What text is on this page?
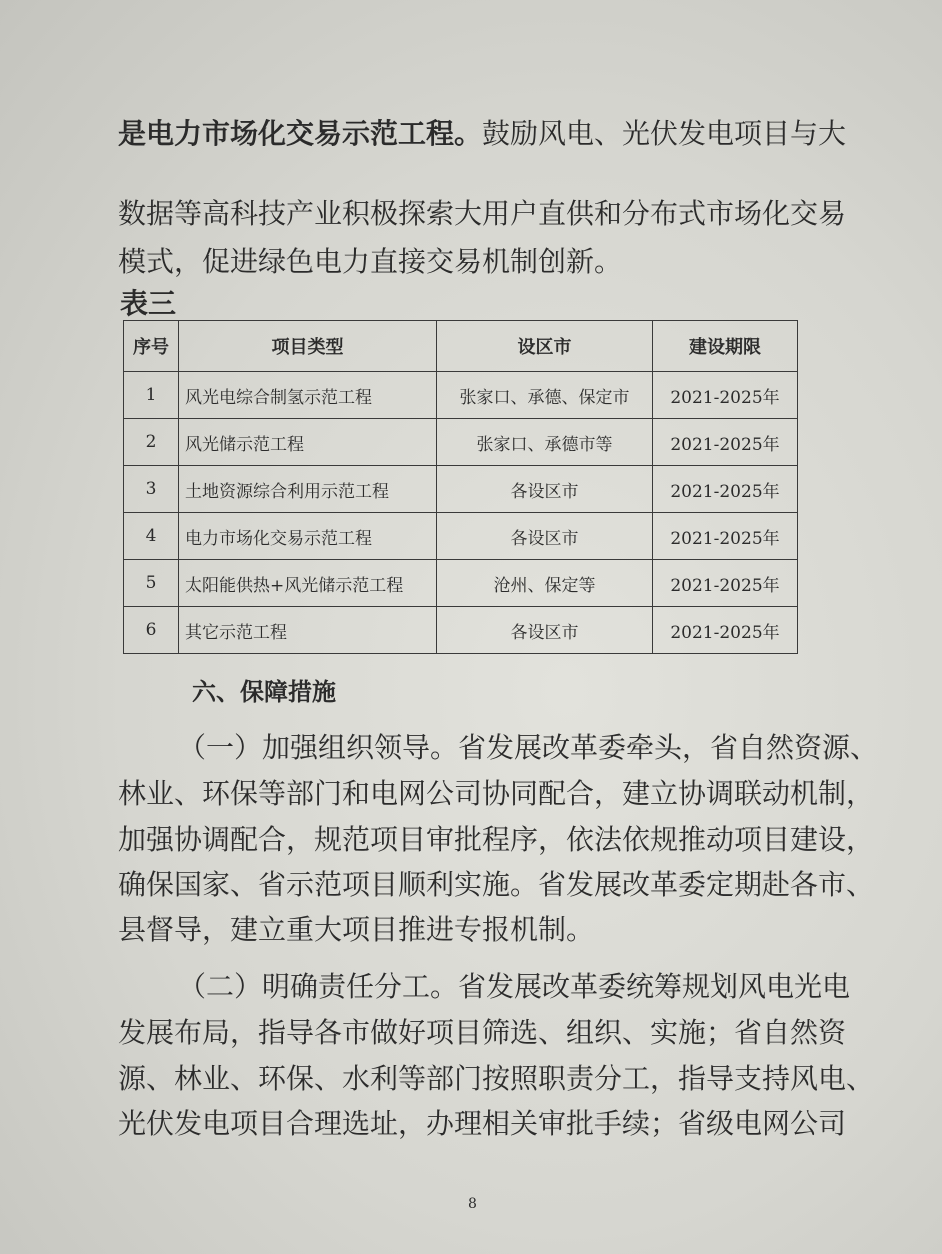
是电力市场化交易示范工程。鼓励风电、光伏发电项目与大
数据等高科技产业积极探索大用户直供和分布式市场化交易
模式，促进绿色电力直接交易机制创新。
表三
序号	项目类型	设区市	建设期限
1	风光电综合制氢示范工程	张家口、承德、保定市	2021-2025年
2	风光储示范工程	张家口、承德市等	2021-2025年
3	土地资源综合利用示范工程	各设区市	2021-2025年
4	电力市场化交易示范工程	各设区市	2021-2025年
5	太阳能供热+风光储示范工程	沧州、保定等	2021-2025年
6	其它示范工程	各设区市	2021-2025年
六、保障措施
（一）加强组织领导。省发展改革委牵头，省自然资源、
林业、环保等部门和电网公司协同配合，建立协调联动机制，
加强协调配合，规范项目审批程序，依法依规推动项目建设，
确保国家、省示范项目顺利实施。省发展改革委定期赴各市、
县督导，建立重大项目推进专报机制。
（二）明确责任分工。省发展改革委统筹规划风电光电
发展布局，指导各市做好项目筛选、组织、实施；省自然资
源、林业、环保、水利等部门按照职责分工，指导支持风电、
光伏发电项目合理选址，办理相关审批手续；省级电网公司
8
